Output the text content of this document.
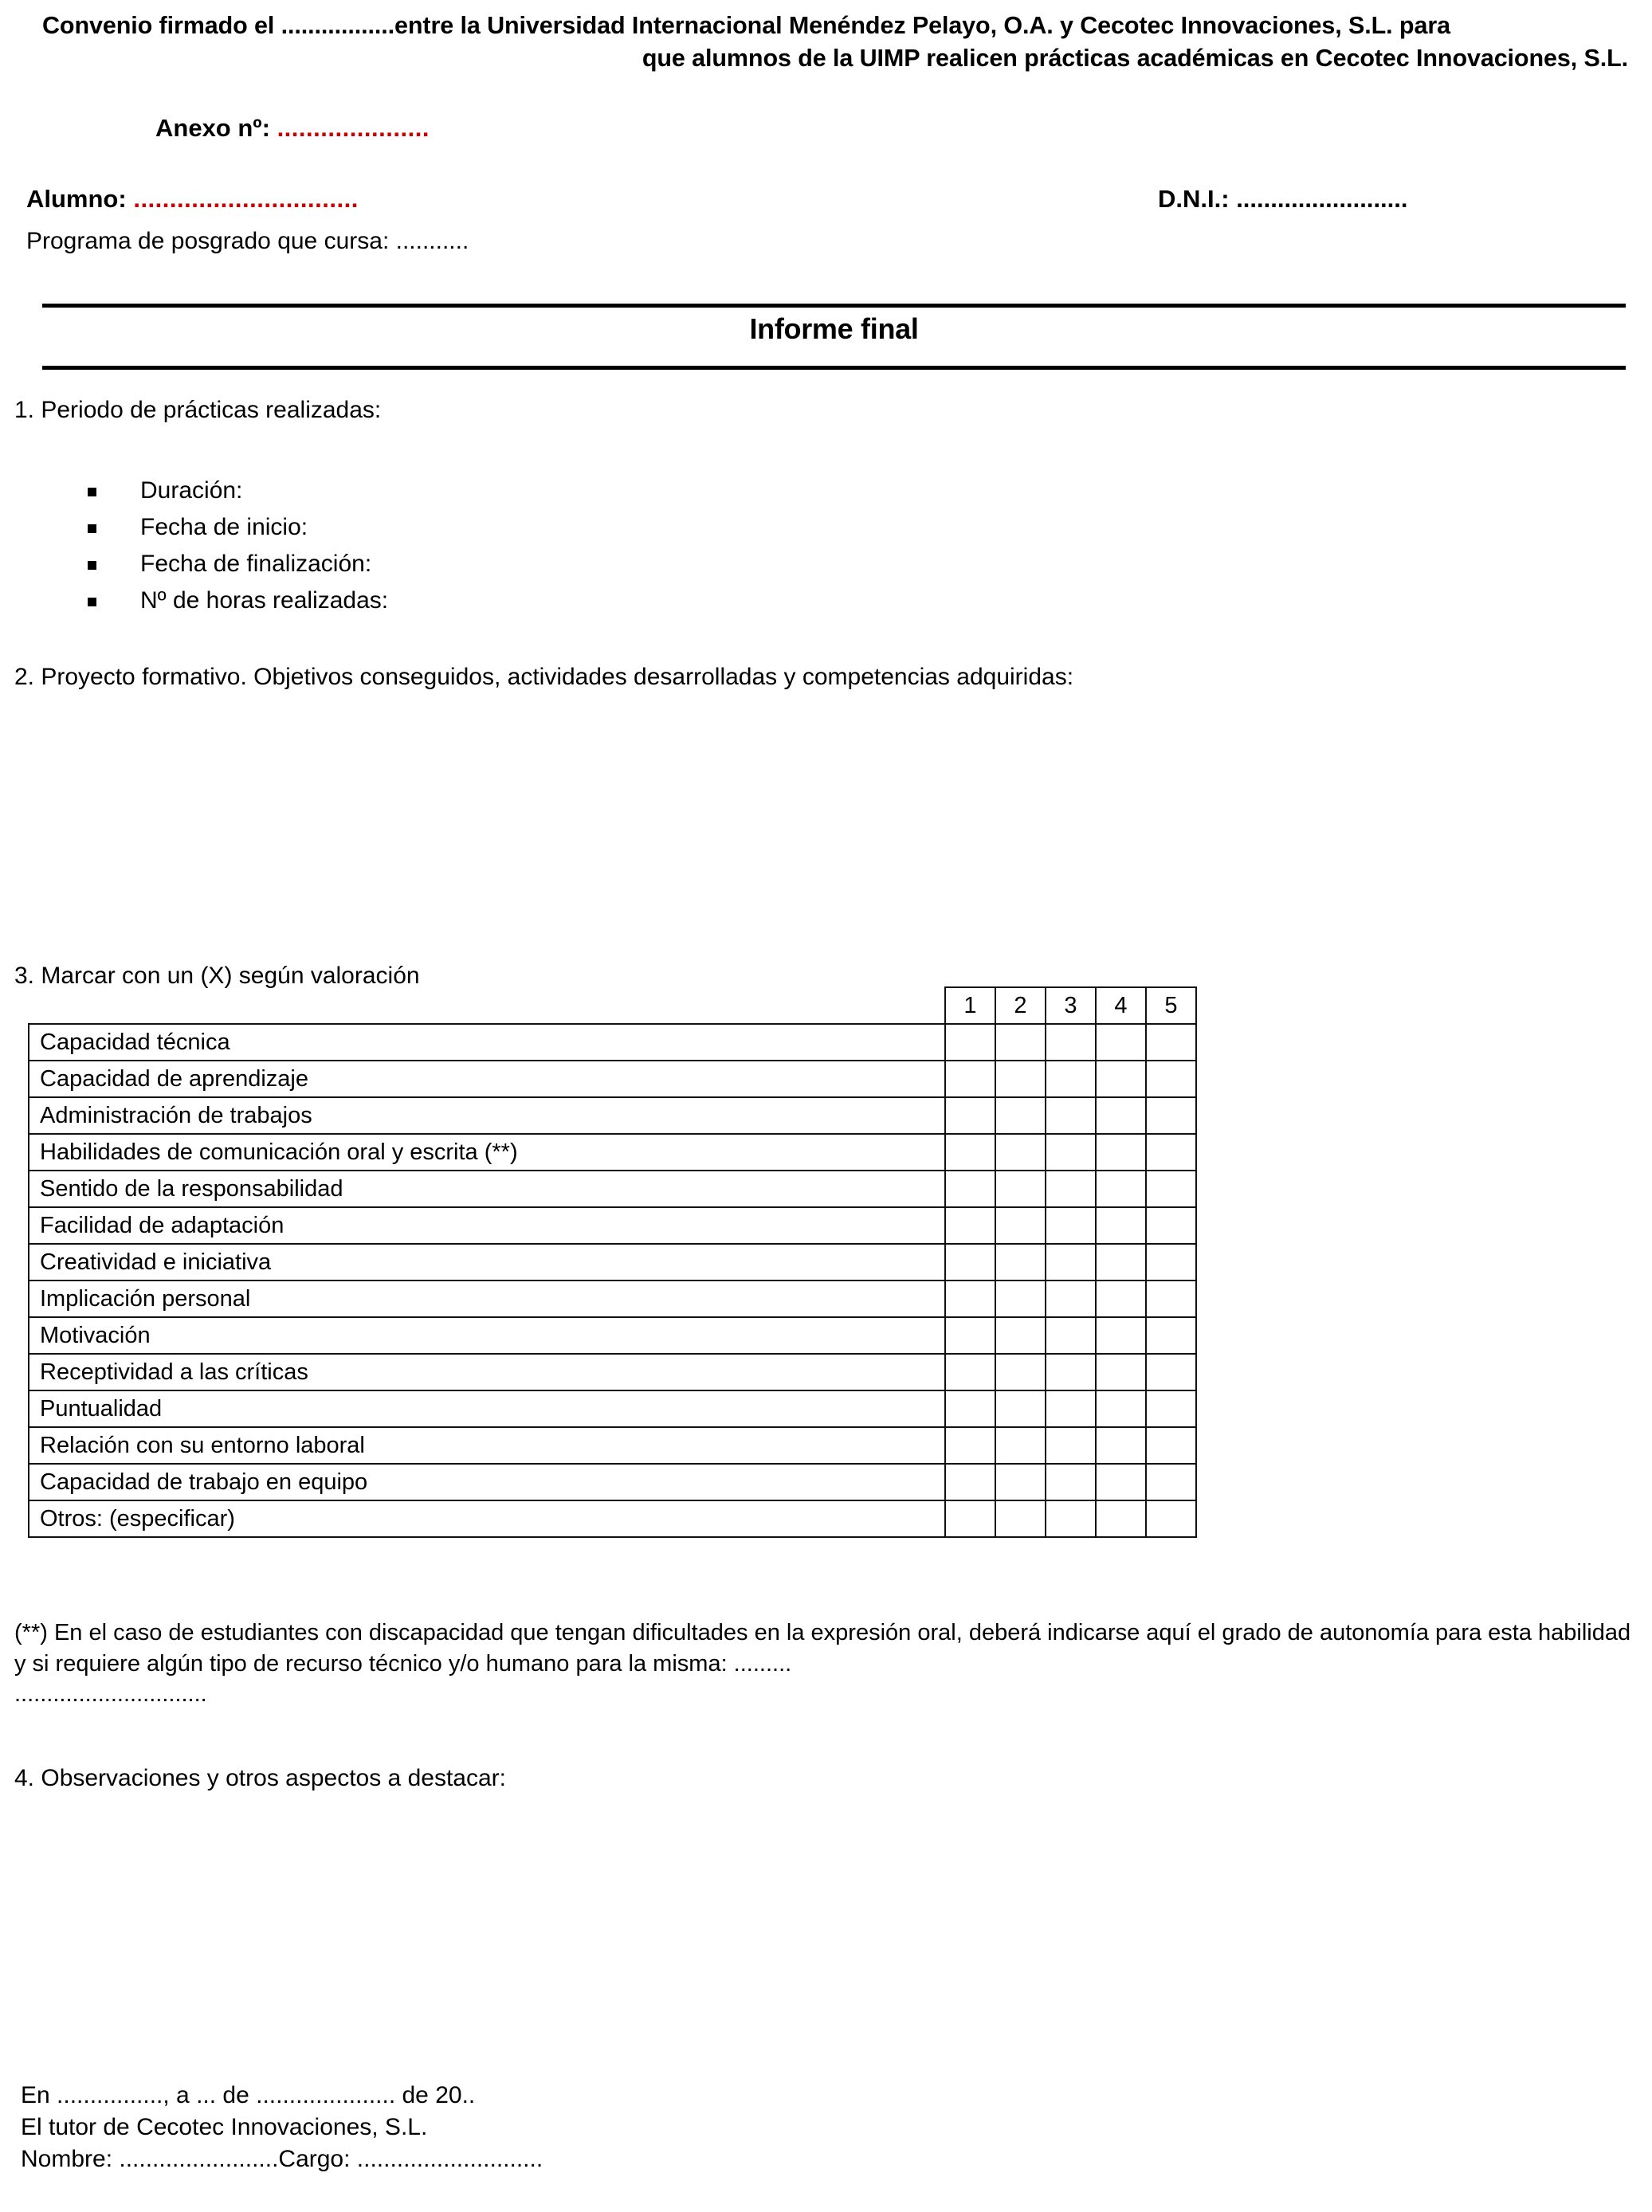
Convenio firmado el .................entre la Universidad Internacional Menéndez Pelayo, O.A. y Cecotec Innovaciones, S.L. para
que alumnos de la UIMP realicen prácticas académicas en Cecotec Innovaciones, S.L.
Anexo nº: .....................
Alumno: ...............................	D.N.I.: .........................
Programa de posgrado que cursa: ...........
Informe final
1. Periodo de prácticas realizadas:
Duración:
Fecha de inicio:
Fecha de finalización:
Nº de horas realizadas:
2. Proyecto formativo. Objetivos conseguidos, actividades desarrolladas y competencias adquiridas:
3. Marcar con un (X) según valoración
	1	2	3	4	5
Capacidad técnica					
Capacidad de aprendizaje					
Administración de trabajos					
Habilidades de comunicación oral y escrita (**)					
Sentido de la responsabilidad					
Facilidad de adaptación					
Creatividad e iniciativa					
Implicación personal					
Motivación					
Receptividad a las críticas					
Puntualidad					
Relación con su entorno laboral					
Capacidad de trabajo en equipo					
Otros: (especificar)					
(**) En el caso de estudiantes con discapacidad que tengan dificultades en la expresión oral, deberá indicarse aquí el grado de autonomía para esta habilidad y si requiere algún tipo de recurso técnico y/o humano para la misma: .........
..............................
4. Observaciones y otros aspectos a destacar:
En ................, a ... de ..................... de 20..
El tutor de Cecotec Innovaciones, S.L.
Nombre: ........................Cargo: ............................
